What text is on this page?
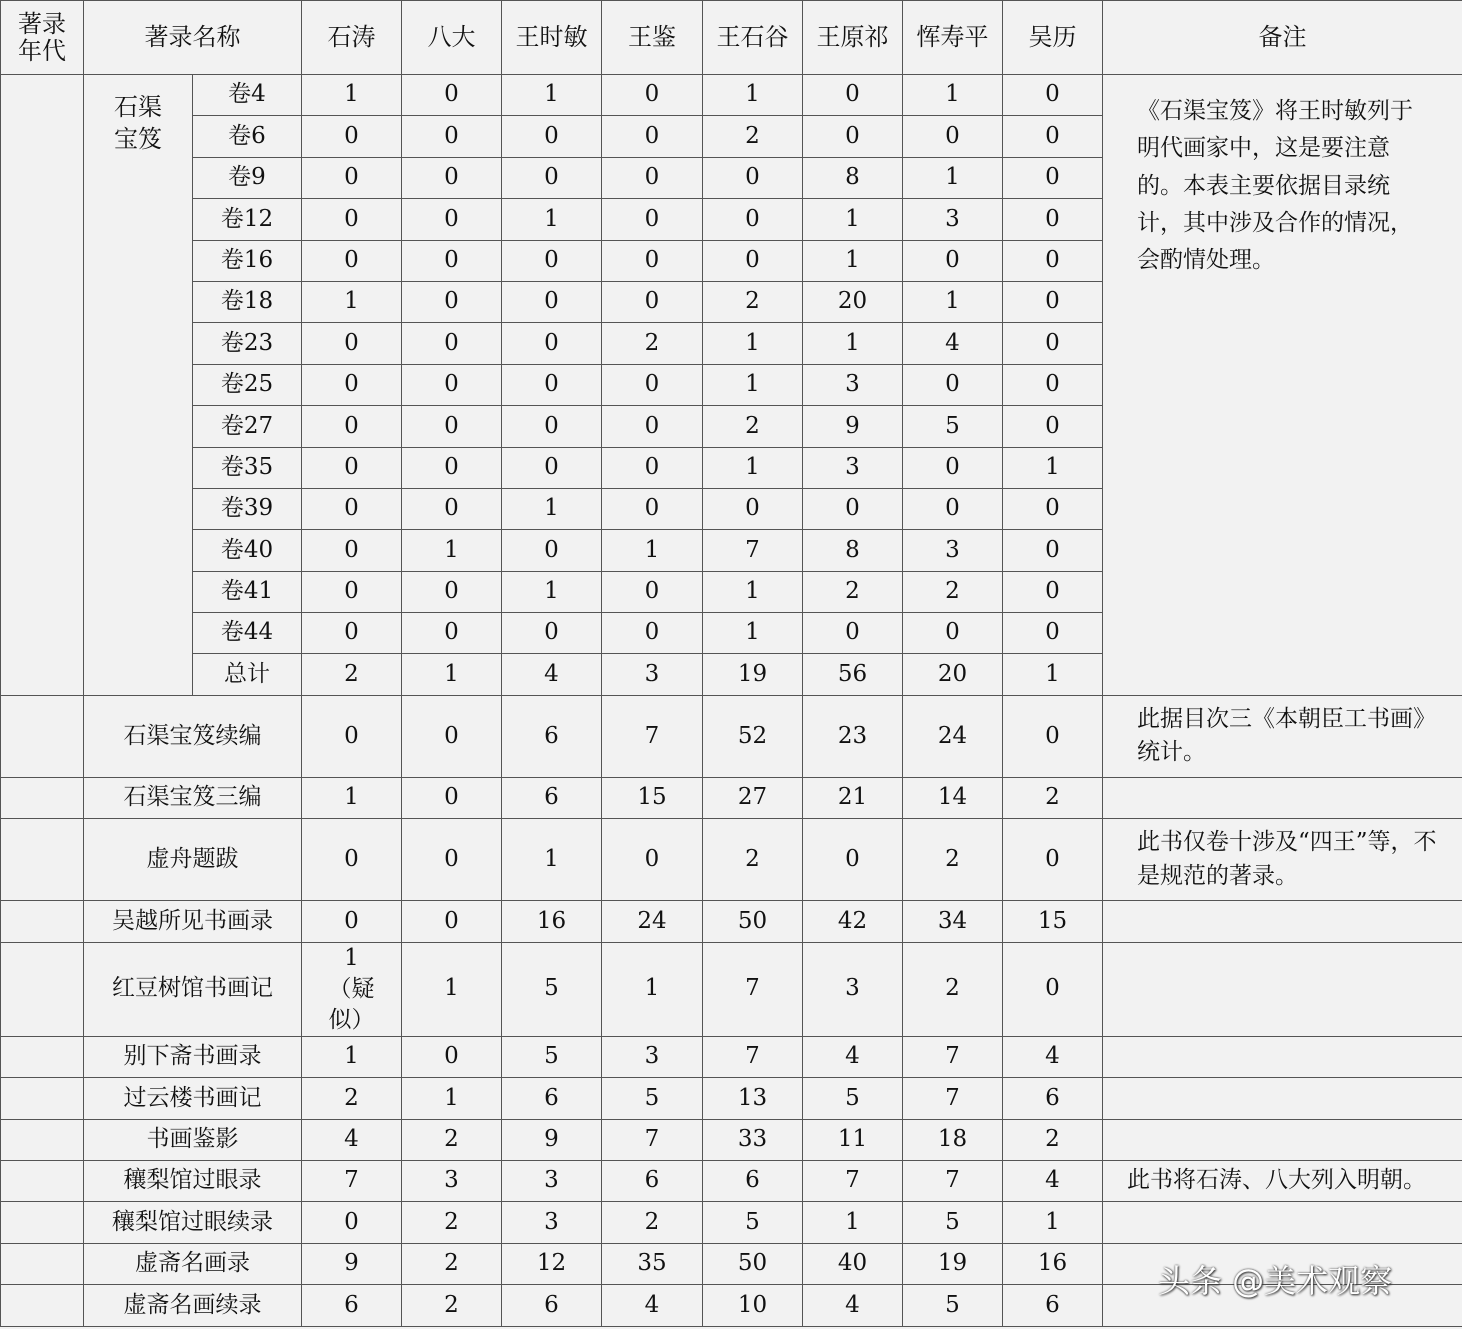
著录年代	著录名称		石涛	八大	王时敏	王鉴	王石谷	王原祁	恽寿平	吴历	备注
	石渠宝笈	卷4	1	0	1	0	1	0	1	0	《石渠宝笈》将王时敏列于明代画家中，这是要注意的。本表主要依据目录统计，其中涉及合作的情况，会酌情处理。
		卷6	0	0	0	0	2	0	0	0	
		卷9	0	0	0	0	0	8	1	0	
		卷12	0	0	1	0	0	1	3	0	
		卷16	0	0	0	0	0	1	0	0	
		卷18	1	0	0	0	2	20	1	0	
		卷23	0	0	0	2	1	1	4	0	
		卷25	0	0	0	0	1	3	0	0	
		卷27	0	0	0	0	2	9	5	0	
		卷35	0	0	0	0	1	3	0	1	
		卷39	0	0	1	0	0	0	0	0	
		卷40	0	1	0	1	7	8	3	0	
		卷41	0	0	1	0	1	2	2	0	
		卷44	0	0	0	0	1	0	0	0	
		总计	2	1	4	3	19	56	20	1	
	石渠宝笈续编		0	0	6	7	52	23	24	0	此据目次三《本朝臣工书画》统计。
	石渠宝笈三编		1	0	6	15	27	21	14	2	
	虚舟题跋		0	0	1	0	2	0	2	0	此书仅卷十涉及“四王”等，不是规范的著录。
	吴越所见书画录		0	0	16	24	50	42	34	15	
	红豆树馆书画记		1（疑似）	1	5	1	7	3	2	0	
	别下斋书画录		1	0	5	3	7	4	7	4	
	过云楼书画记		2	1	6	5	13	5	7	6	
	书画鉴影		4	2	9	7	33	11	18	2	
	穰梨馆过眼录		7	3	3	6	6	7	7	4	此书将石涛、八大列入明朝。
	穰梨馆过眼续录		0	2	3	2	5	1	5	1	
	虚斋名画录		9	2	12	35	50	40	19	16	
	虚斋名画续录		6	2	6	4	10	4	5	6	
头条 @美术观察
